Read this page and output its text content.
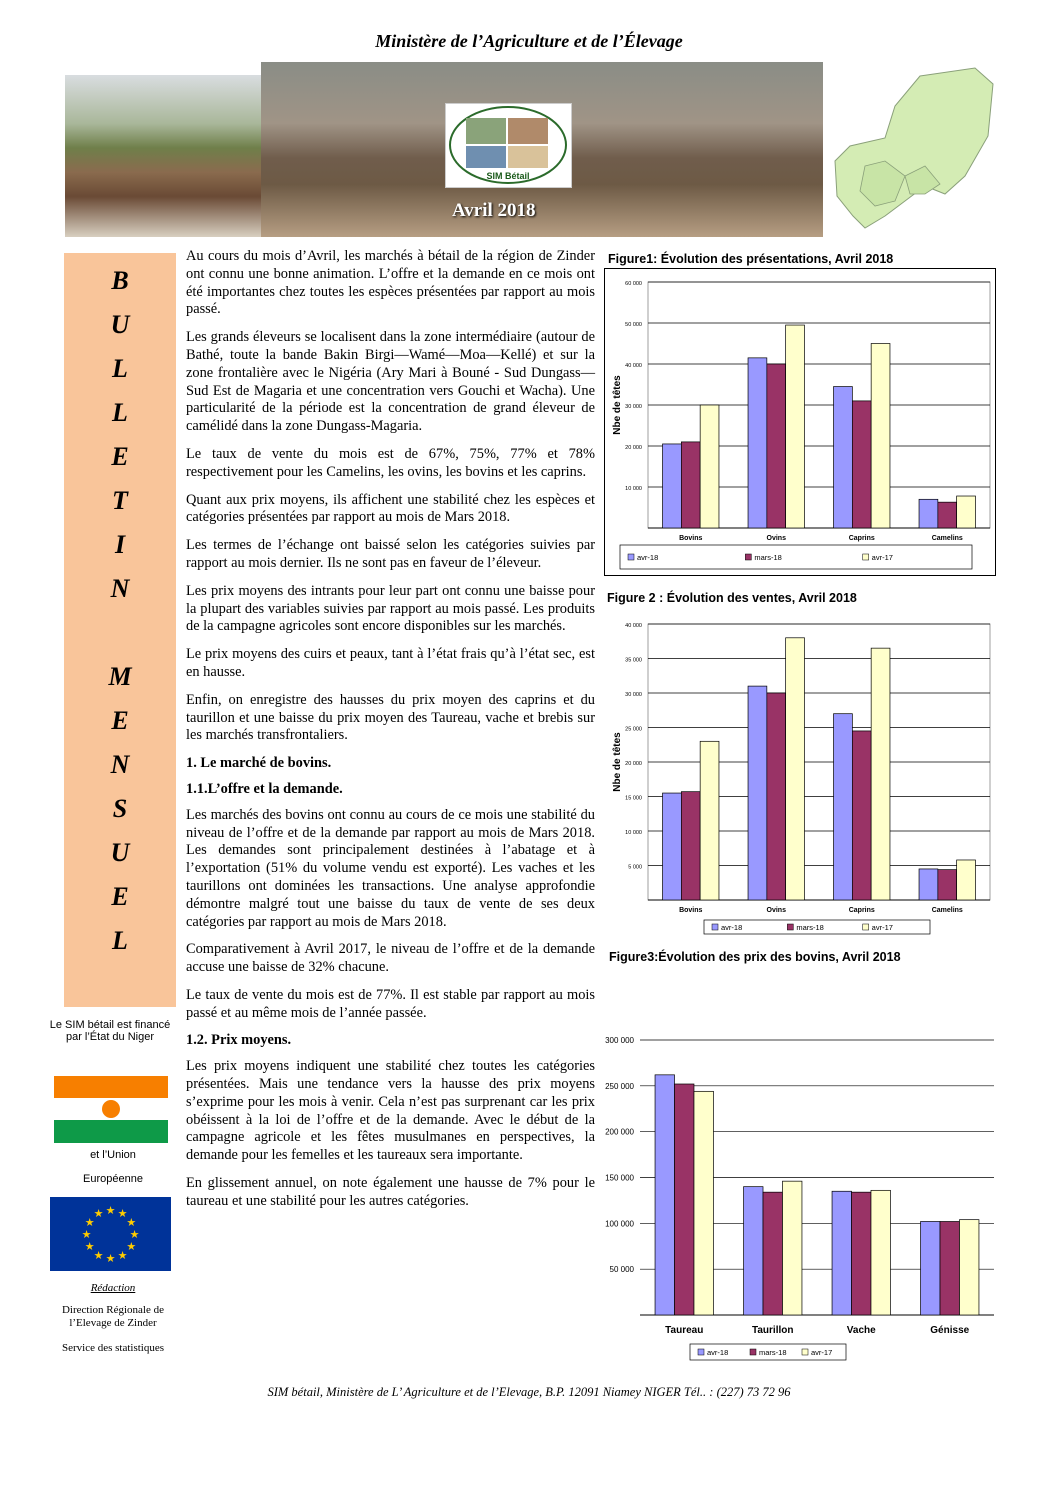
Ministère de l’Agriculture et de l’Élevage
SIM Bétail
Avril 2018
B
U
L
L
E
T
I
N
M
E
N
S
U
E
L
Le SIM bétail est financé par l’État du Niger
et l’Union
Européenne
★
★
★
★
★
★
★
★
★ ★ ★
★
Rédaction
Direction Régionale de l’Elevage de Zinder
Service des statistiques

Au cours du mois d’Avril, les marchés à bétail de la région de Zinder ont connu une bonne animation. L’offre et la demande en ce mois ont été importantes chez toutes les espèces présentées par rapport au mois passé.

Les grands éleveurs se localisent dans la zone intermédiaire (autour de Bathé, toute la bande Bakin Birgi—Wamé—Moa—Kellé) et sur la zone frontalière avec le Nigéria (Ary Mari à Bouné - Sud Dungass—Sud Est de Magaria et une concentration vers Gouchi et Wacha). Une particularité de la période est la concentration de grand éleveur de camélidé dans la zone Dungass-Magaria.

Le taux de vente du mois est de 67%, 75%, 77% et 78% respectivement pour les Camelins, les ovins, les bovins et les caprins.

Quant aux prix moyens, ils affichent une stabilité chez les espèces et catégories présentées par rapport au mois de Mars 2018.

Les termes de l’échange ont baissé selon les catégories suivies par rapport au mois dernier. Ils ne sont pas en faveur de l’éleveur.

Les prix moyens des intrants pour leur part ont connu une baisse pour la plupart des variables suivies par rapport au mois passé. Les produits de la campagne agricoles sont encore disponibles sur les marchés.

Le prix moyens des cuirs et peaux, tant à l’état frais qu’à l’état sec, est en hausse.

Enfin, on enregistre des hausses du prix moyen des caprins et du taurillon et une baisse du prix moyen des Taureau, vache et brebis sur les marchés transfrontaliers.

1. Le marché de bovins.
1.1.L’offre et la demande.

Les marchés des bovins ont connu au cours de ce mois une stabilité du niveau de l’offre et de la demande par rapport au mois de Mars 2018. Les demandes sont principalement destinées à l’abatage et à l’exportation (51% du volume vendu est exporté). Les vaches et les taurillons ont dominées les transactions. Une analyse approfondie démontre malgré tout une baisse du taux de vente de ses deux catégories par rapport au mois de Mars 2018.

Comparativement à Avril 2017, le niveau de l’offre et de la demande accuse une baisse de 32% chacune.

Le taux de vente du mois est de 77%. Il est stable par rapport au mois passé et au même mois de l’année passée.

1.2. Prix moyens.

Les prix moyens indiquent une stabilité chez toutes les catégories présentées. Mais une tendance vers la hausse des prix moyens s’exprime pour les mois à venir. Cela n’est pas surprenant car les prix obéissent à la loi de l’offre et de la demande. Avec le début de la campagne agricole et les fêtes musulmanes en perspectives, la demande pour les femelles et les taureaux sera importante.

En glissement annuel, on note également une hausse de 7% pour le taureau et une stabilité pour les autres catégories.

Figure1: Évolution des présentations, Avril 2018
60 000
50 000
40 000
30 000
20 000
10 000
Nbe de têtes
Bovins	Ovins	Caprins	Camelins
avr-18	mars-18	avr-17
Figure 2 : Évolution des ventes, Avril 2018
40 000
35 000
30 000
25 000
20 000
15 000
10 000
5 000
Nbe de têtes
Bovins	Ovins	Caprins	Camelins
avr-18	mars-18	avr-17
Figure3:Évolution des prix des bovins, Avril 2018
300 000
250 000
200 000
150 000
100 000
50 000
Taureau	Taurillon	Vache	Génisse
avr-18	mars-18	avr-17
SIM bétail, Ministère de L’ Agriculture et de l’Elevage, B.P. 12091 Niamey NIGER Tél.. : (227) 73 72 96
